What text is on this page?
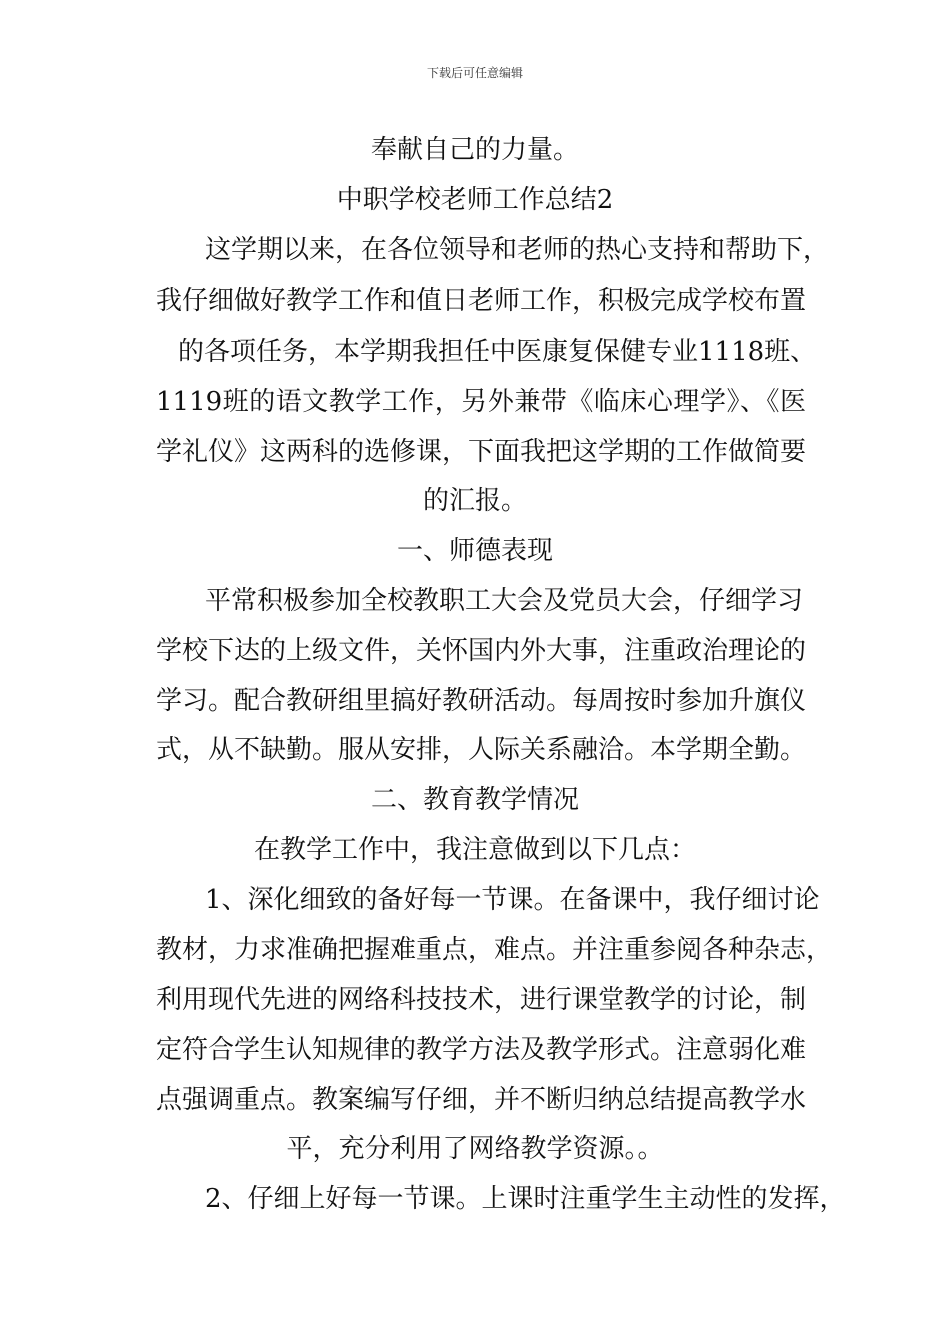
下载后可任意编辑
奉献自己的力量。
中职学校老师工作总结2
这学期以来，在各位领导和老师的热心支持和帮助下，
我仔细做好教学工作和值日老师工作，积极完成学校布置
的各项任务，本学期我担任中医康复保健专业1118班、
1119班的语文教学工作，另外兼带《临床心理学》、《医
学礼仪》这两科的选修课，下面我把这学期的工作做简要
的汇报。
一、师德表现
平常积极参加全校教职工大会及党员大会，仔细学习
学校下达的上级文件，关怀国内外大事，注重政治理论的
学习。配合教研组里搞好教研活动。每周按时参加升旗仪
式，从不缺勤。服从安排，人际关系融洽。本学期全勤。
二、教育教学情况
在教学工作中，我注意做到以下几点：
1、深化细致的备好每一节课。在备课中，我仔细讨论
教材，力求准确把握难重点，难点。并注重参阅各种杂志，
利用现代先进的网络科技技术，进行课堂教学的讨论，制
定符合学生认知规律的教学方法及教学形式。注意弱化难
点强调重点。教案编写仔细，并不断归纳总结提高教学水
平，充分利用了网络教学资源。。
2、仔细上好每一节课。上课时注重学生主动性的发挥，
